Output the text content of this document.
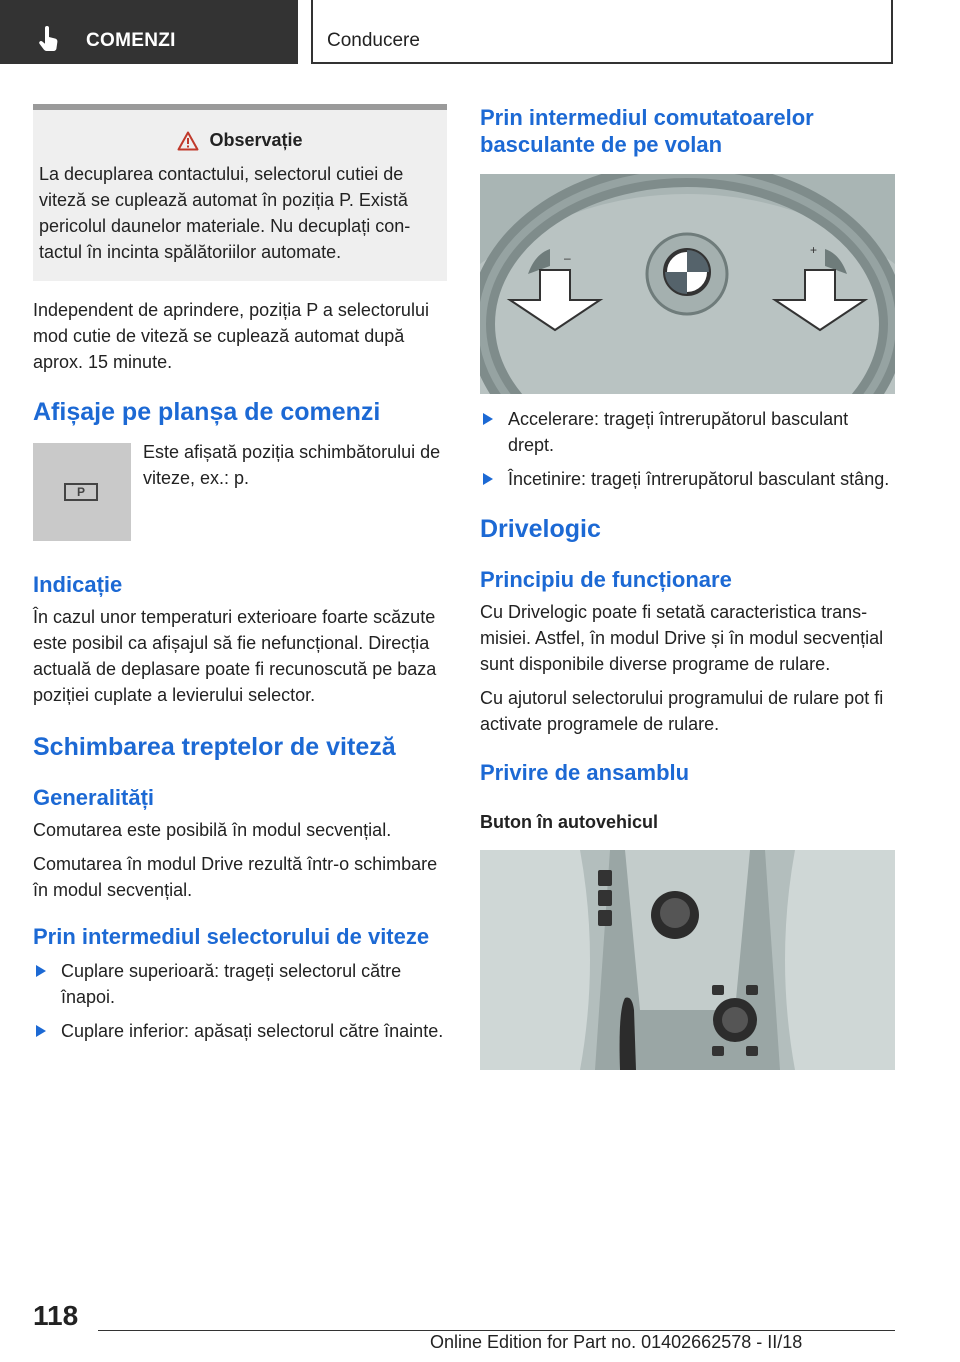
COMENZI	Conducere
Observație

La decuplarea contactului, selectorul cutiei de viteză se cuplează automat în poziția P. Există pericolul daunelor materiale. Nu decuplați contactul în incinta spălătoriilor automate.

Independent de aprindere, poziția P a selectorului mod cutie de viteză se cuplează automat după aprox. 15 minute.

Afișaje pe planșa de comenzi
P
Este afișată poziția schimbătorului de viteze, ex.: p.
Indicație

În cazul unor temperaturi exterioare foarte scăzute este posibil ca afișajul să fie nefuncțional. Direcția actuală de deplasare poate fi recunoscută pe baza poziției cuplate a levierului selector.

Schimbarea treptelor de viteză
Generalități

Comutarea este posibilă în modul secvențial.

Comutarea în modul Drive rezultă într-o schimbare în modul secvențial.

Prin intermediul selectorului de viteze
Cuplare superioară: trageți selectorul către înapoi.
Cuplare inferior: apăsați selectorul către înainte.
Prin intermediul comutatoarelor basculante de pe volan
–
+
Accelerare: trageți întrerupătorul basculant drept.
Încetinire: trageți întrerupătorul basculant stâng.
Drivelogic
Principiu de funcționare

Cu Drivelogic poate fi setată caracteristica transmisiei. Astfel, în modul Drive și în modul secvențial sunt disponibile diverse programe de rulare.

Cu ajutorul selectorului programului de rulare pot fi activate programele de rulare.

Privire de ansamblu
Buton în autovehicul
118
Online Edition for Part no. 01402662578 - II/18
